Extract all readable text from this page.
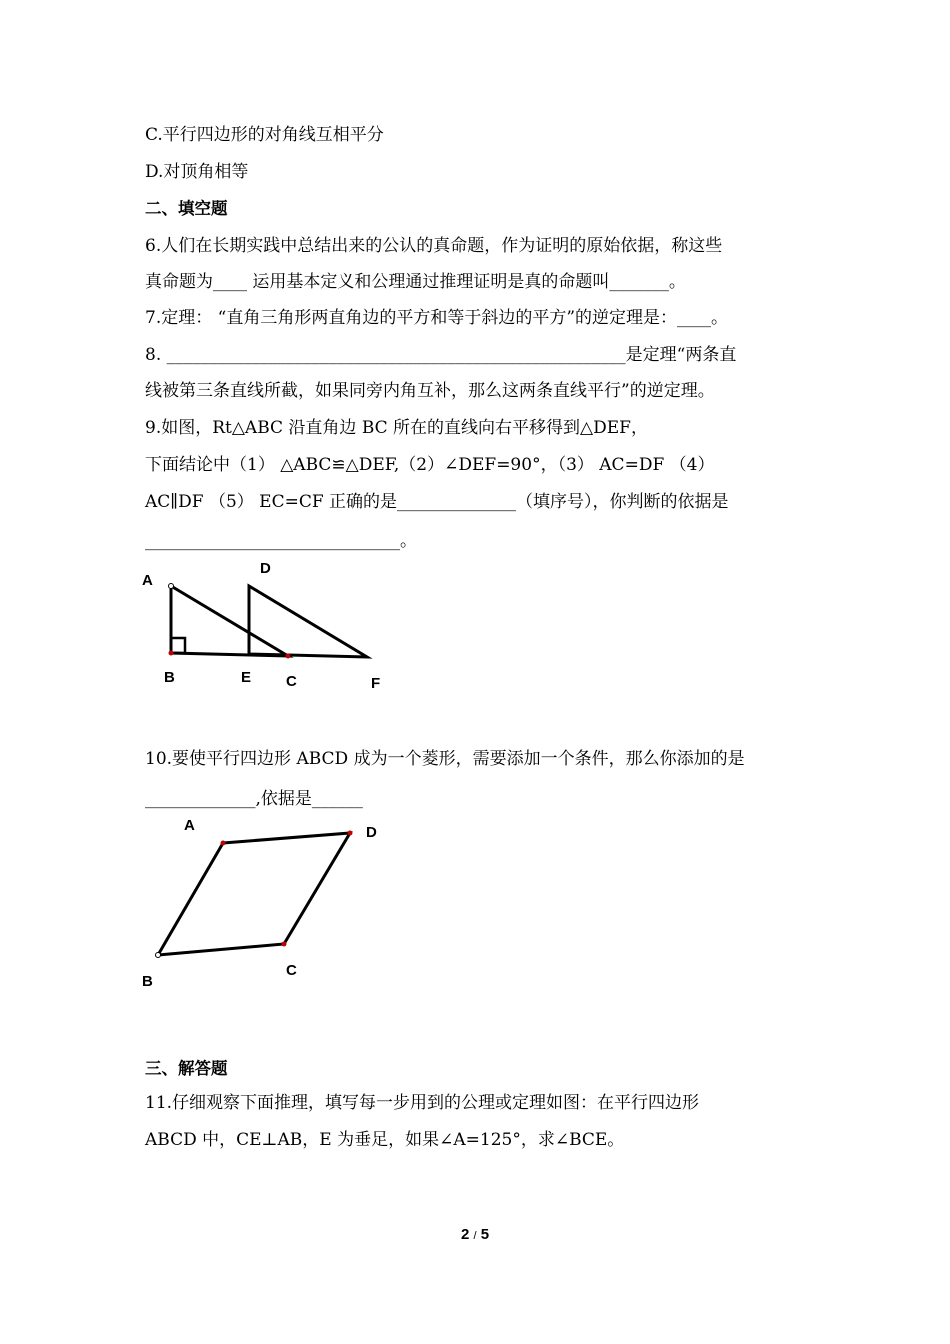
C.平行四边形的对角线互相平分
D.对顶角相等
二、填空题
6.人们在长期实践中总结出来的公认的真命题，作为证明的原始依据，称这些
真命题为____ 运用基本定义和公理通过推理证明是真的命题叫_______。
7.定理： “直角三角形两直角边的平方和等于斜边的平方”的逆定理是：____。
8. ______________________________________________________是定理“两条直
线被第三条直线所截，如果同旁内角互补，那么这两条直线平行”的逆定理。
9.如图，Rt△ABC 沿直角边 BC 所在的直线向右平移得到△DEF，
下面结论中（1） △ABC≌△DEF,（2）∠DEF=90°，（3） AC=DF （4）
AC∥DF （5） EC=CF 正确的是______________（填序号），你判断的依据是
______________________________。
A
D
B	E C	F
10.要使平行四边形 ABCD 成为一个菱形，需要添加一个条件，那么你添加的是
_____________,依据是______
A	D
C
B
三、解答题
11.仔细观察下面推理，填写每一步用到的公理或定理如图：在平行四边形
ABCD 中，CE⊥AB，E 为垂足，如果∠A=125°，求∠BCE。
2 / 5
